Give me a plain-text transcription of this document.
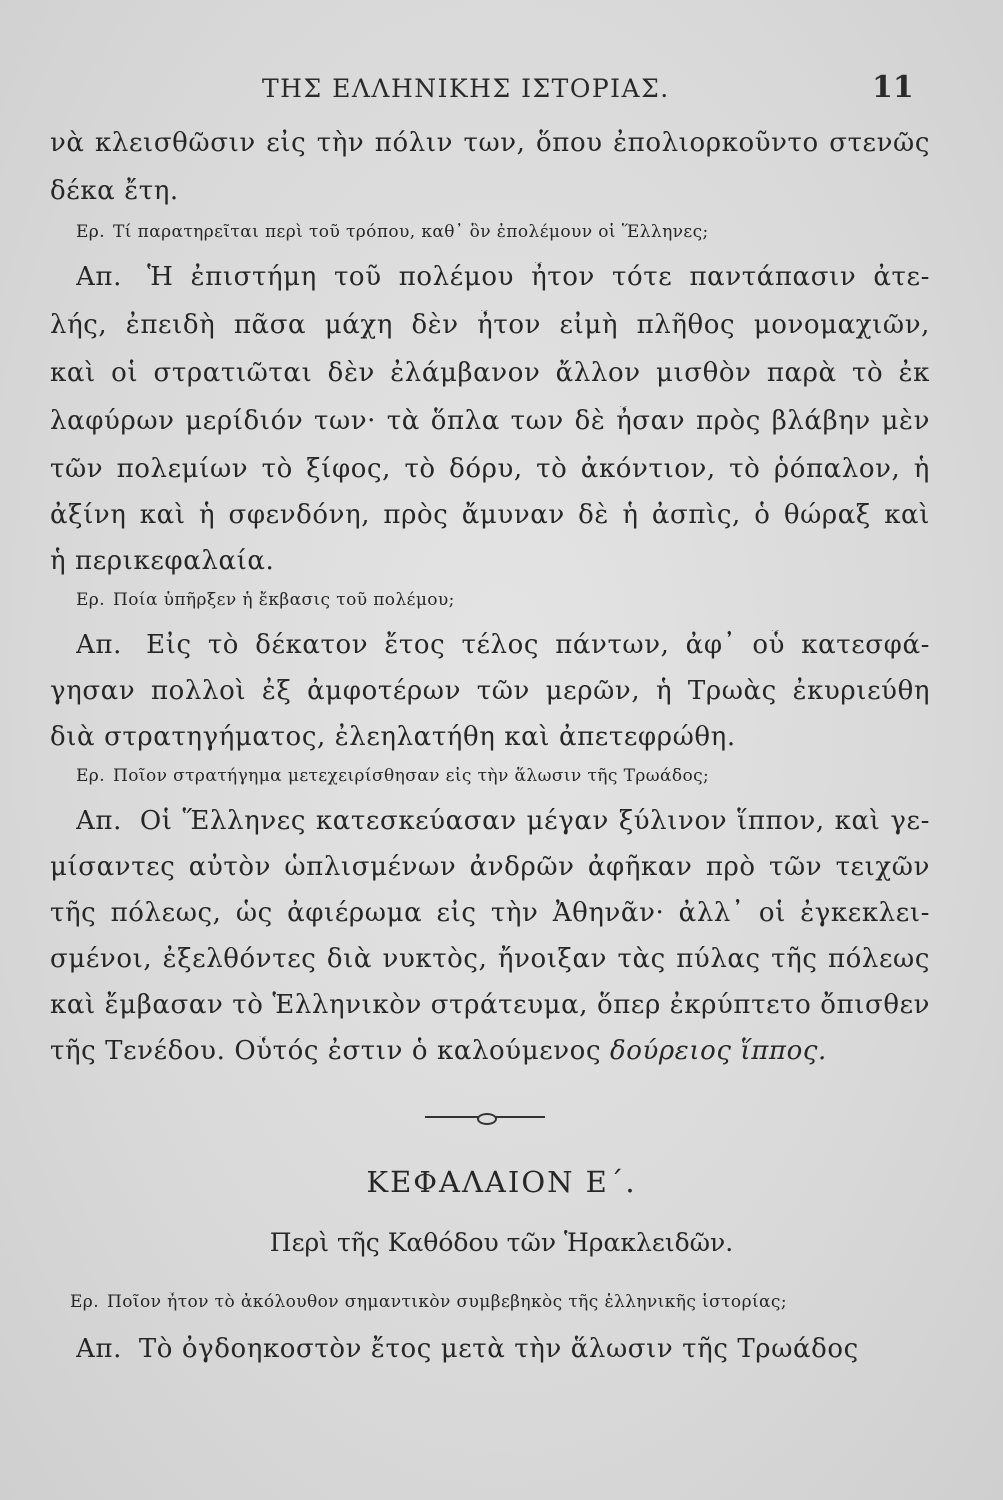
ΤΗΣ ΕΛΛΗΝΙΚΗΣ ΙΣΤΟΡΙΑΣ.	11
νὰ κλεισθῶσιν εἰς τὴν πόλιν των, ὅπου ἐπολιορκοῦντο στενῶς
δέκα ἔτη.
Ερ. Τί παρατηρεῖται περὶ τοῦ τρόπου, καθ᾽ ὃν ἐπολέμουν οἱ Ἕλληνες;
Απ. Ἡ ἐπιστήμη τοῦ πολέμου ἦτον τότε παντάπασιν ἀτε-
λής, ἐπειδὴ πᾶσα μάχη δὲν ἦτον εἰμὴ πλῆθος μονομαχιῶν,
καὶ οἱ στρατιῶται δὲν ἐλάμβανον ἄλλον μισθὸν παρὰ τὸ ἐκ
λαφύρων μερίδιόν των· τὰ ὅπλα των δὲ ἦσαν πρὸς βλάβην μὲν
τῶν πολεμίων τὸ ξίφος, τὸ δόρυ, τὸ ἀκόντιον, τὸ ῥόπαλον, ἡ
ἀξίνη καὶ ἡ σφενδόνη, πρὸς ἄμυναν δὲ ἡ ἀσπὶς, ὁ θώραξ καὶ
ἡ περικεφαλαία.
Ερ. Ποία ὑπῆρξεν ἡ ἔκβασις τοῦ πολέμου;
Απ. Εἰς τὸ δέκατον ἔτος τέλος πάντων, ἀφ᾽ οὗ κατεσφά-
γησαν πολλοὶ ἐξ ἀμφοτέρων τῶν μερῶν, ἡ Τρωὰς ἐκυριεύθη
διὰ στρατηγήματος, ἐλεηλατήθη καὶ ἀπετεφρώθη.
Ερ. Ποῖον στρατήγημα μετεχειρίσθησαν εἰς τὴν ἅλωσιν τῆς Τρωάδος;
Απ. Οἱ Ἕλληνες κατεσκεύασαν μέγαν ξύλινον ἵππον, καὶ γε-
μίσαντες αὐτὸν ὡπλισμένων ἀνδρῶν ἀφῆκαν πρὸ τῶν τειχῶν
τῆς πόλεως, ὡς ἀφιέρωμα εἰς τὴν Ἀθηνᾶν· ἀλλ᾽ οἱ ἐγκεκλει-
σμένοι, ἐξελθόντες διὰ νυκτὸς, ἤνοιξαν τὰς πύλας τῆς πόλεως
καὶ ἔμβασαν τὸ Ἑλληνικὸν στράτευμα, ὅπερ ἐκρύπτετο ὄπισθεν
τῆς Τενέδου. Οὗτός ἐστιν ὁ καλούμενος δούρειος ἵππος.
ΚΕΦΑΛΑΙΟΝ Ε΄.
Περὶ τῆς Καθόδου τῶν Ἡρακλειδῶν.
Ερ. Ποῖον ἦτον τὸ ἀκόλουθον σημαντικὸν συμβεβηκὸς τῆς ἑλληνικῆς ἱστορίας;
Απ. Τὸ ὀγδοηκοστὸν ἔτος μετὰ τὴν ἅλωσιν τῆς Τρωάδος
